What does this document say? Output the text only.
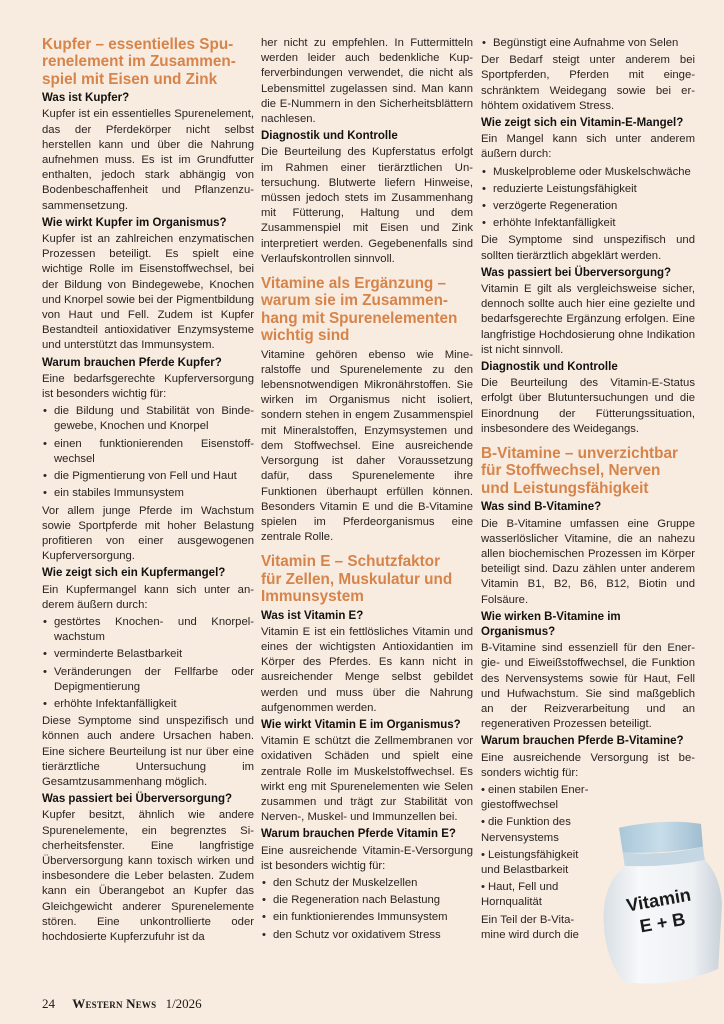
Kupfer – essentielles Spu-
renelement im Zusammen-
spiel mit Eisen und Zink
Was ist Kupfer?

Kupfer ist ein essentielles Spurenelement, das der Pferdekörper nicht selbst herstellen kann und über die Nahrung aufnehmen muss. Es ist im Grundfutter enthalten, jedoch stark abhängig von Bodenbeschaffenheit und Pflanzenzusammensetzung.

Wie wirkt Kupfer im Organismus?

Kupfer ist an zahlreichen enzymatischen Prozessen beteiligt. Es spielt eine wichtige Rolle im Eisenstoffwechsel, bei der Bildung von Bindegewebe, Knochen und Knorpel sowie bei der Pigmentbildung von Haut und Fell. Zudem ist Kupfer Bestandteil antioxidativer Enzymsysteme und unterstützt das Immunsystem.

Warum brauchen Pferde Kupfer?

Eine bedarfsgerechte Kupferversorgung ist besonders wichtig für:

• die Bildung und Stabilität von Bindegewebe, Knochen und Knorpel
• einen funktionierenden Eisenstoffwechsel
• die Pigmentierung von Fell und Haut
• ein stabiles Immunsystem

Vor allem junge Pferde im Wachstum sowie Sportpferde mit hoher Belastung profitieren von einer ausgewogenen Kupferversorgung.

Wie zeigt sich ein Kupfermangel?

Ein Kupfermangel kann sich unter anderem äußern durch:

• gestörtes Knochen- und Knorpelwachstum
• verminderte Belastbarkeit
• Veränderungen der Fellfarbe oder Depigmentierung
• erhöhte Infektanfälligkeit

Diese Symptome sind unspezifisch und können auch andere Ursachen haben. Eine sichere Beurteilung ist nur über eine tierärztliche Untersuchung im Gesamtzusammenhang möglich.

Was passiert bei Überversorgung?

Kupfer besitzt, ähnlich wie andere Spurenelemente, ein begrenztes Sicherheitsfenster. Eine langfristige Überversorgung kann toxisch wirken und insbesondere die Leber belasten. Zudem kann ein Überangebot an Kupfer das Gleichgewicht anderer Spurenelemente stören. Eine unkontrollierte oder hochdosierte Kupferzufuhr ist da

her nicht zu empfehlen. In Futtermitteln werden leider auch bedenkliche Kupferverbindungen verwendet, die nicht als Lebensmittel zugelassen sind. Man kann die E-Nummern in den Sicherheitsblättern nachlesen.

Diagnostik und Kontrolle

Die Beurteilung des Kupferstatus erfolgt im Rahmen einer tierärztlichen Untersuchung. Blutwerte liefern Hinweise, müssen jedoch stets im Zusammenhang mit Fütterung, Haltung und dem Zusammenspiel mit Eisen und Zink interpretiert werden. Gegebenenfalls sind Verlaufskontrollen sinnvoll.

Vitamine als Ergänzung –
warum sie im Zusammen-
hang mit Spurenelementen
wichtig sind

Vitamine gehören ebenso wie Mineralstoffe und Spurenelemente zu den lebensnotwendigen Mikronährstoffen. Sie wirken im Organismus nicht isoliert, sondern stehen in engem Zusammenspiel mit Mineralstoffen, Enzymsystemen und dem Stoffwechsel. Eine ausreichende Versorgung ist daher Voraussetzung dafür, dass Spurenelemente ihre Funktionen überhaupt erfüllen können. Besonders Vitamin E und die B-Vitamine spielen im Pferdeorganismus eine zentrale Rolle.

Vitamin E – Schutzfaktor
für Zellen, Muskulatur und
Immunsystem
Was ist Vitamin E?

Vitamin E ist ein fettlösliches Vitamin und eines der wichtigsten Antioxidantien im Körper des Pferdes. Es kann nicht in ausreichender Menge selbst gebildet werden und muss über die Nahrung aufgenommen werden.

Wie wirkt Vitamin E im Organismus?

Vitamin E schützt die Zellmembranen vor oxidativen Schäden und spielt eine zentrale Rolle im Muskelstoffwechsel. Es wirkt eng mit Spurenelementen wie Selen zusammen und trägt zur Stabilität von Nerven-, Muskel- und Immunzellen bei.

Warum brauchen Pferde Vitamin E?

Eine ausreichende Vitamin-E-Versorgung ist besonders wichtig für:

• den Schutz der Muskelzellen
• die Regeneration nach Belastung
• ein funktionierendes Immunsystem
• den Schutz vor oxidativem Stress
• Begünstigt eine Aufnahme von Selen

Der Bedarf steigt unter anderem bei Sportpferden, Pferden mit eingeschränktem Weidegang sowie bei erhöhtem oxidativem Stress.

Wie zeigt sich ein Vitamin-E-Mangel?

Ein Mangel kann sich unter anderem äußern durch:

• Muskelprobleme oder Muskelschwäche
• reduzierte Leistungsfähigkeit
• verzögerte Regeneration
• erhöhte Infektanfälligkeit

Die Symptome sind unspezifisch und sollten tierärztlich abgeklärt werden.

Was passiert bei Überversorgung?

Vitamin E gilt als vergleichsweise sicher, dennoch sollte auch hier eine gezielte und bedarfsgerechte Ergänzung erfolgen. Eine langfristige Hochdosierung ohne Indikation ist nicht sinnvoll.

Diagnostik und Kontrolle

Die Beurteilung des Vitamin-E-Status erfolgt über Blutuntersuchungen und die Einordnung der Fütterungssituation, insbesondere des Weidegangs.

B-Vitamine – unverzichtbar
für Stoffwechsel, Nerven
und Leistungsfähigkeit
Was sind B-Vitamine?

Die B-Vitamine umfassen eine Gruppe wasserlöslicher Vitamine, die an nahezu allen biochemischen Prozessen im Körper beteiligt sind. Dazu zählen unter anderem Vitamin B1, B2, B6, B12, Biotin und Folsäure.

Wie wirken B-Vitamine im Organismus?

B-Vitamine sind essenziell für den Energie- und Eiweißstoffwechsel, die Funktion des Nervensystems sowie für Haut, Fell und Hufwachstum. Sie sind maßgeblich an der Reizverarbeitung und an regenerativen Prozessen beteiligt.

Warum brauchen Pferde B-Vitamine?

Eine ausreichende Versorgung ist besonders wichtig für:

• einen stabilen Energiestoffwechsel
• die Funktion des Nervensystems
• Leistungsfähigkeit und Belastbarkeit
• Haut, Fell und Hornqualität

Ein Teil der B-Vitamine wird durch die

Vitamin
E + B
24 Western News 1/2026
